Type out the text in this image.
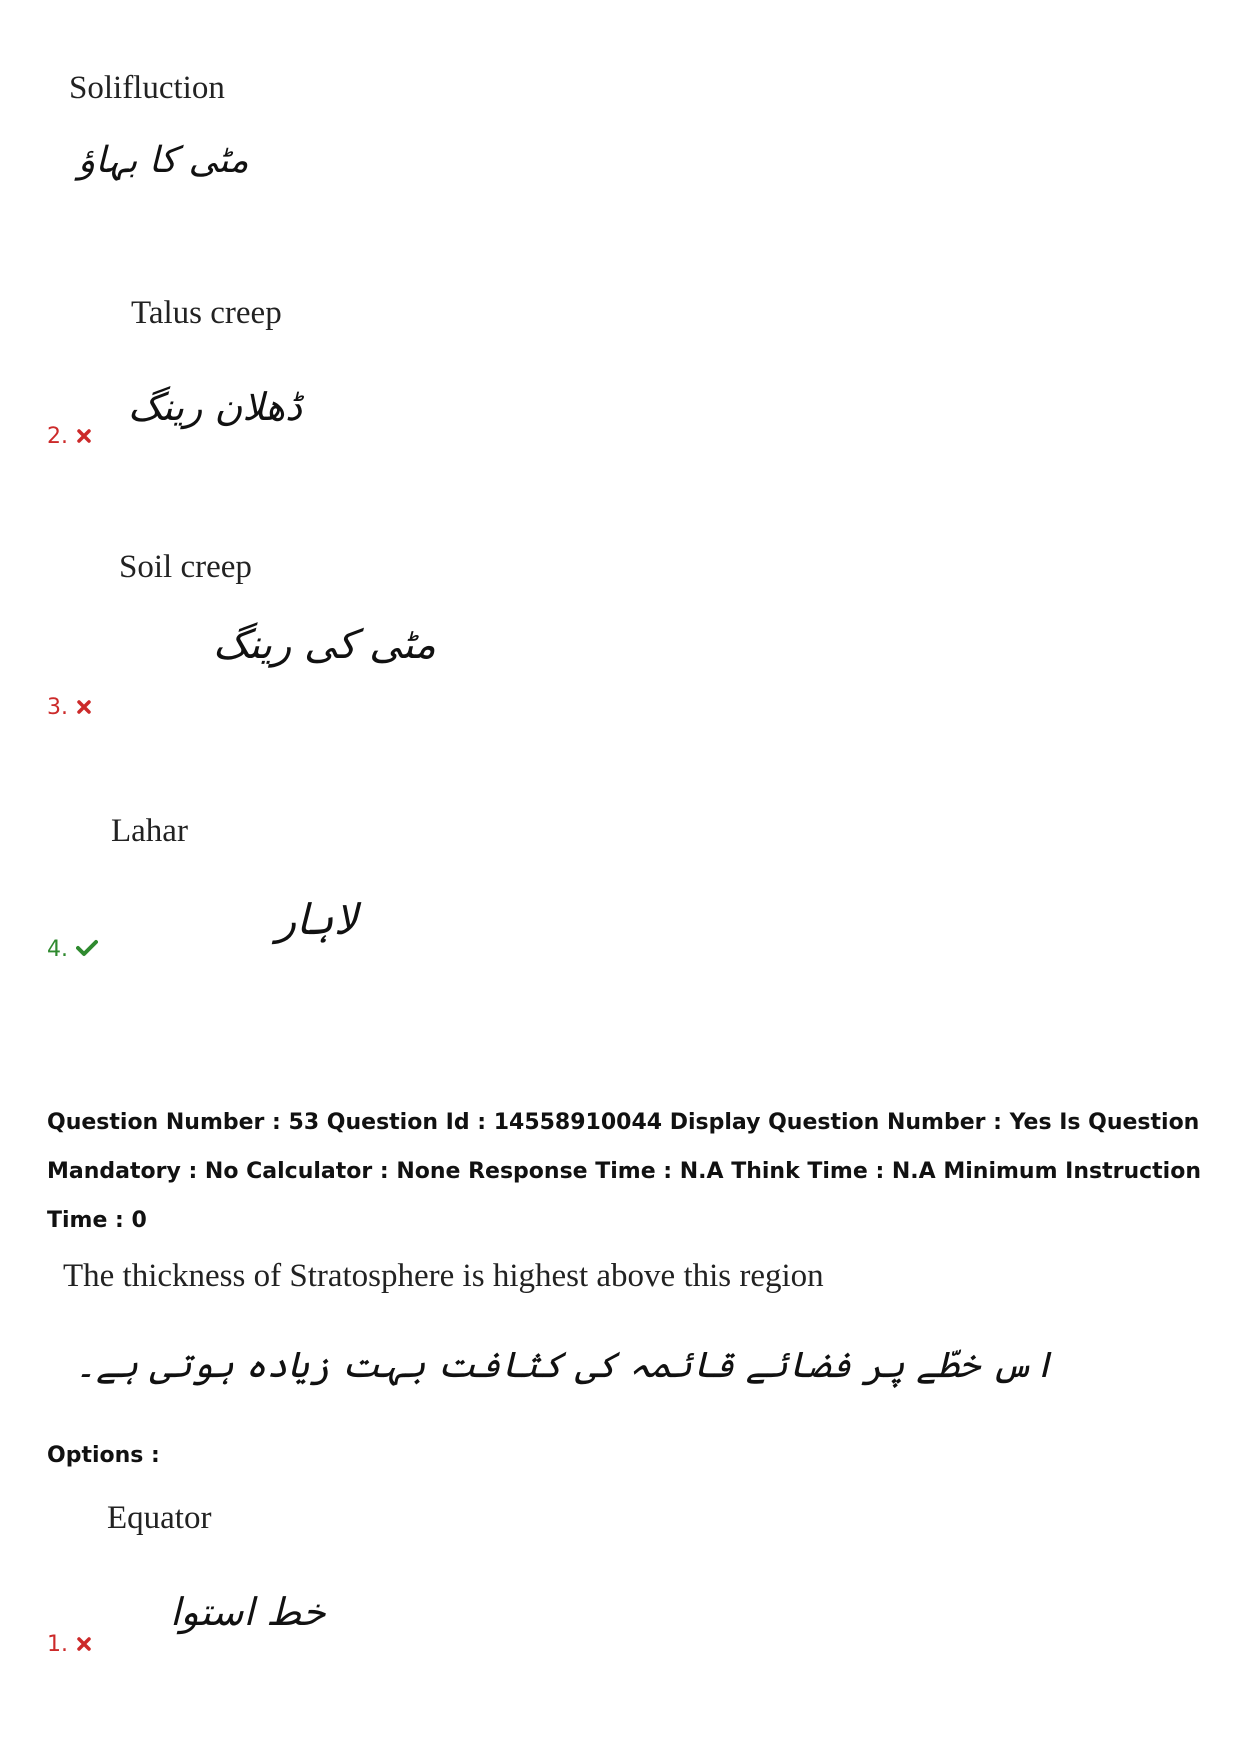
Solifluction
مٹی کا بہاؤ
Talus creep
ڈھلان رینگ
2.
Soil creep
مٹی کی رینگ
3.
Lahar
لاہار
4.
Question Number : 53 Question Id : 14558910044 Display Question Number : Yes Is Question Mandatory : No Calculator : None Response Time : N.A Think Time : N.A Minimum Instruction Time : 0
The thickness of Stratosphere is highest above this region
اس خطّے پر فضائے قائمہ کی کثافت بہت زیادہ ہوتی ہے۔
Options :
Equator
خط استوا
1.
